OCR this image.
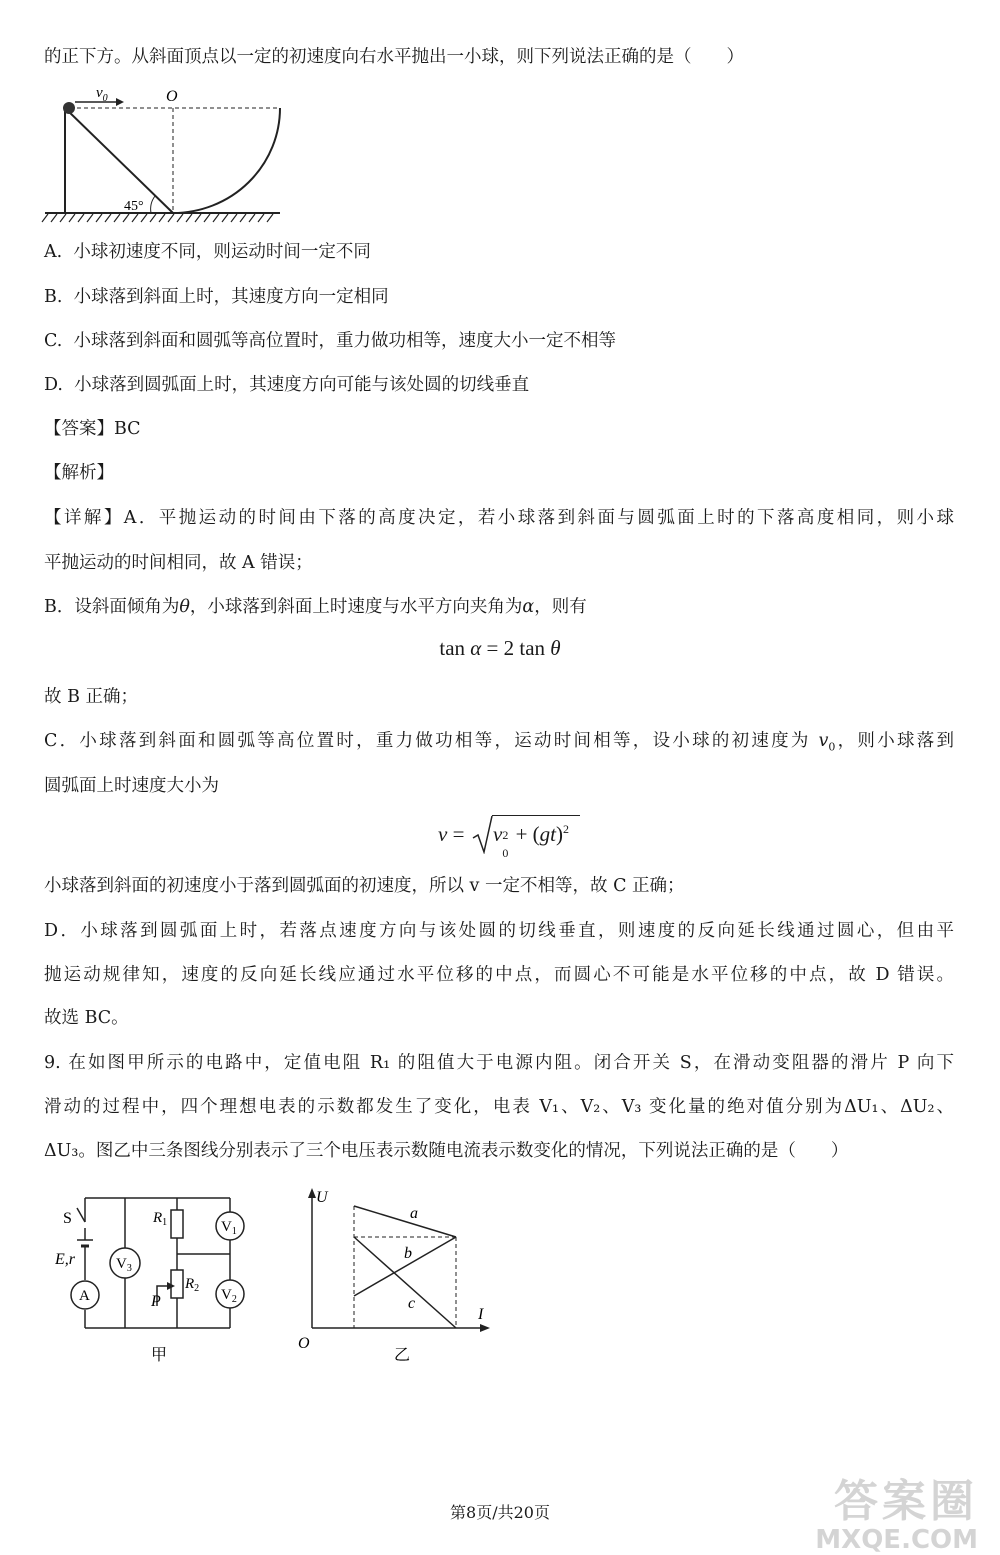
的正下方。从斜面顶点以一定的初速度向右水平抛出一小球，则下列说法正确的是（　　）
$v_0$	O
45°
A. 小球初速度不同，则运动时间一定不同
B. 小球落到斜面上时，其速度方向一定相同
C. 小球落到斜面和圆弧等高位置时，重力做功相等，速度大小一定不相等
D. 小球落到圆弧面上时，其速度方向可能与该处圆的切线垂直
【答案】BC
【解析】
【详解】A．平抛运动的时间由下落的高度决定，若小球落到斜面与圆弧面上时的下落高度相同，则小球
平抛运动的时间相同，故 A 错误；
B．设斜面倾角为θ，小球落到斜面上时速度与水平方向夹角为α，则有
tan α = 2 tan θ
故 B 正确；
C．小球落到斜面和圆弧等高位置时，重力做功相等，运动时间相等，设小球的初速度为 $v_0$，则小球落到
圆弧面上时速度大小为
v = v 2
0
+ (gt)$^2$
小球落到斜面的初速度小于落到圆弧面的初速度，所以 v 一定不相等，故 C 正确；
D．小球落到圆弧面上时，若落点速度方向与该处圆的切线垂直，则速度的反向延长线通过圆心，但由平
抛运动规律知，速度的反向延长线应通过水平位移的中点，而圆心不可能是水平位移的中点，故 D 错误。
故选 BC。
9. 在如图甲所示的电路中，定值电阻 R₁ 的阻值大于电源内阻。闭合开关 S，在滑动变阻器的滑片 P 向下
滑动的过程中，四个理想电表的示数都发生了变化，电表 V₁、V₂、V₃ 变化量的绝对值分别为ΔU₁、ΔU₂、
ΔU₃。图乙中三条图线分别表示了三个电压表示数随电流表示数变化的情况，下列说法正确的是（　　）
S
E,r
A
$V_3$
$V_1$
$V_2$
$R_1$
$R_2$
P
甲
U
I
O
a
b
c
乙
第8页/共20页	答案圈
MXQE.COM
